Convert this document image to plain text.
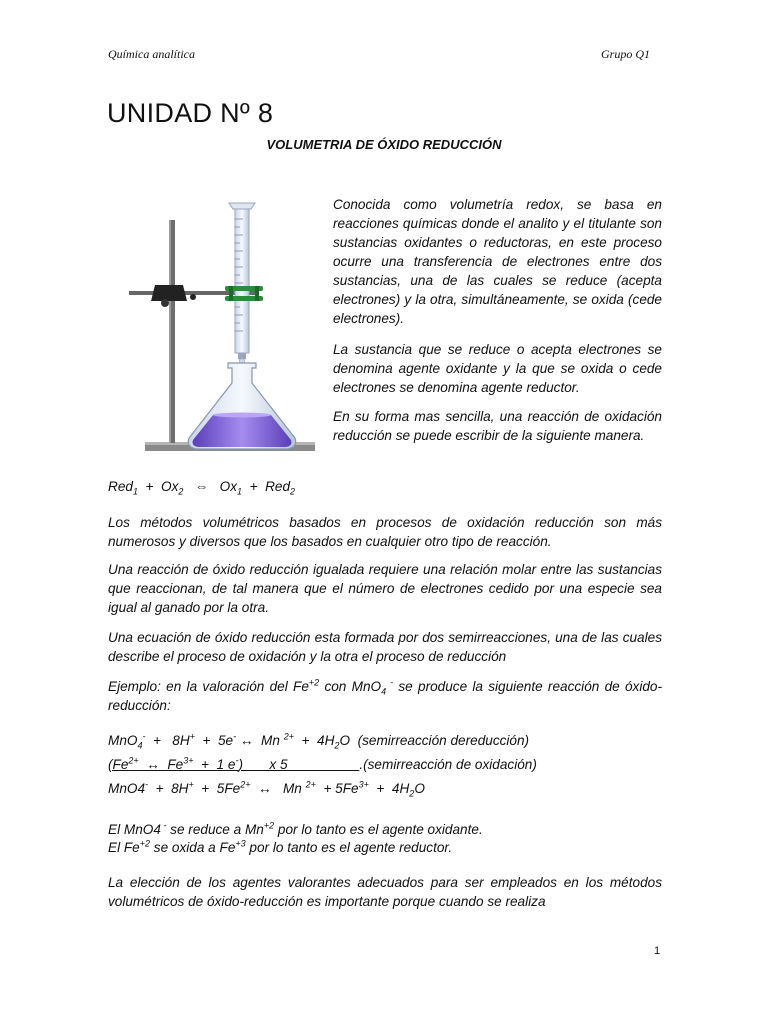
Química analítica	Grupo Q1
UNIDAD Nº 8
VOLUMETRIA DE ÓXIDO REDUCCIÓN
Conocida como volumetría redox, se basa en reacciones químicas donde el analito y el titulante son sustancias oxidantes o reductoras, en este proceso ocurre una transferencia de electrones entre dos sustancias, una de las cuales se reduce (acepta electrones) y la otra, simultáneamente, se oxida (cede electrones).
La sustancia que se reduce o acepta electrones se denomina agente oxidante y la que se oxida o cede electrones se denomina agente reductor.
En su forma mas sencilla, una reacción de oxidación reducción se puede escribir de la siguiente manera.
$Red_1 + Ox_2$ ⇔ $Ox_1 + Red_2$
Los métodos volumétricos basados en procesos de oxidación reducción son más numerosos y diversos que los basados en cualquier otro tipo de reacción.
Una reacción de óxido reducción igualada requiere una relación molar entre las sustancias que reaccionan, de tal manera que el número de electrones cedido por una especie sea igual al ganado por la otra.
Una ecuación de óxido reducción esta formada por dos semirreacciones, una de las cuales describe el proceso de oxidación y la otra el proceso de reducción
Ejemplo: en la valoración del $Fe^{+2}$ con MnO$_4$ - se produce la siguiente reacción de óxido-reducción:
MnO$_4$-  +   8H+  +  5e- ↔  Mn $^{2+} + 4H_2O$  (semirreacción dereducción)
($Fe^{2+}$  ↔  $Fe^{3+} + 1$ e-)       x 5	.(semirreacción de oxidación)
$MnO4^- + 8H^+ + 5Fe^{2+}$  ↔   Mn $^{2+} + 5Fe^{3+} + 4H_2O$
El MnO4 - se reduce a $Mn^{+2}$ por lo tanto es el agente oxidante.
El $Fe^{+2}$ se oxida a $Fe^{+3}$ por lo tanto es el agente reductor.
La elección de los agentes valorantes adecuados para ser empleados en los métodos volumétricos de óxido-reducción es importante porque cuando se realiza
1
